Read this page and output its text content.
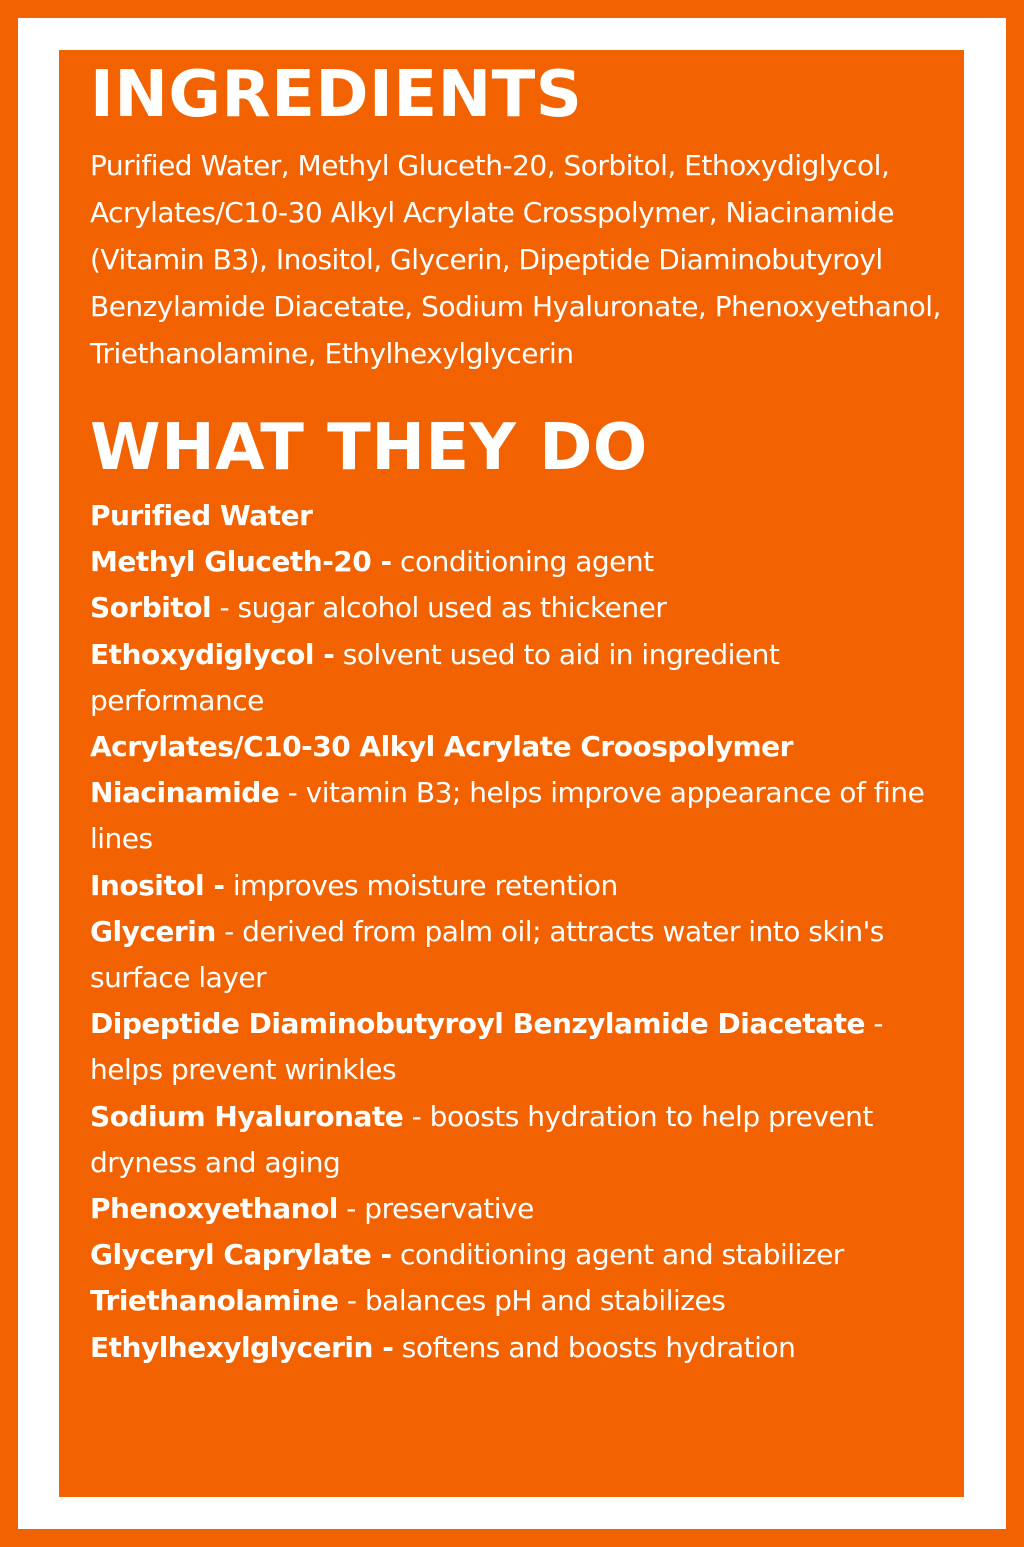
INGREDIENTS

Purified Water, Methyl Gluceth-20, Sorbitol, Ethoxydiglycol, Acrylates/C10-30 Alkyl Acrylate Crosspolymer, Niacinamide (Vitamin B3), Inositol, Glycerin, Dipeptide Diaminobutyroyl Benzylamide Diacetate, Sodium Hyaluronate, Phenoxyethanol, Triethanolamine, Ethylhexylglycerin

WHAT THEY DO
Purified Water
Methyl Gluceth-20 - conditioning agent
Sorbitol - sugar alcohol used as thickener
Ethoxydiglycol - solvent used to aid in ingredient performance
Acrylates/C10-30 Alkyl Acrylate Croospolymer
Niacinamide - vitamin B3; helps improve appearance of fine lines
Inositol - improves moisture retention
Glycerin - derived from palm oil; attracts water into skin's surface layer
Dipeptide Diaminobutyroyl Benzylamide Diacetate - helps prevent wrinkles
Sodium Hyaluronate - boosts hydration to help prevent dryness and aging
Phenoxyethanol - preservative
Glyceryl Caprylate - conditioning agent and stabilizer
Triethanolamine - balances pH and stabilizes
Ethylhexylglycerin - softens and boosts hydration
